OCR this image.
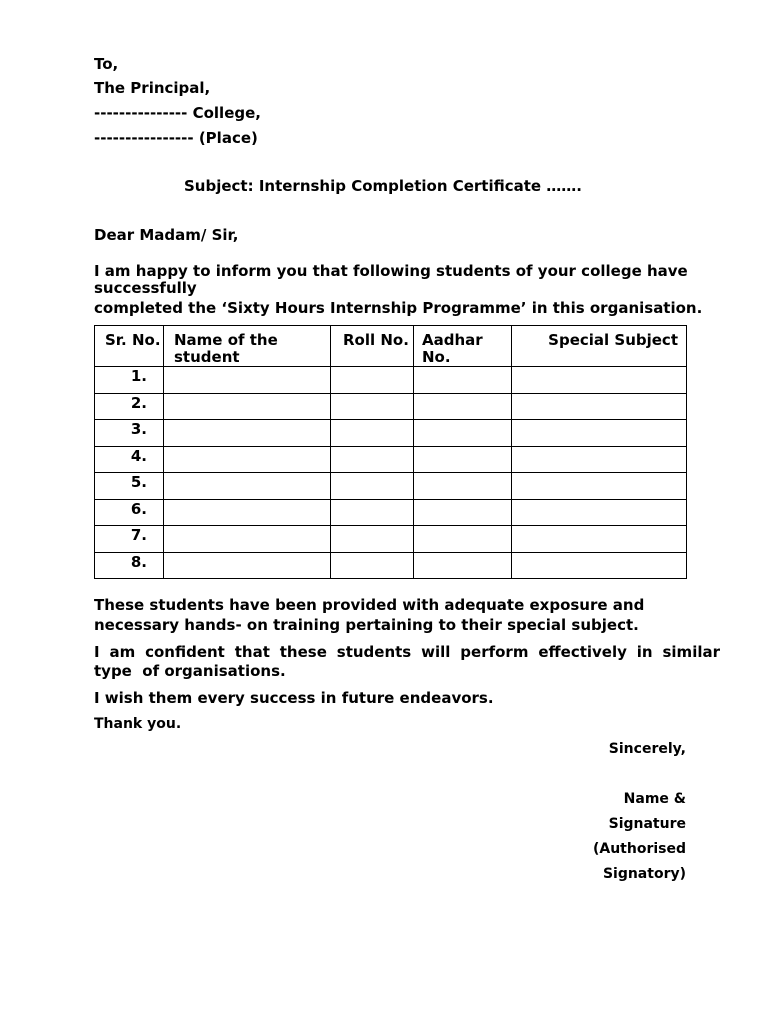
To,
The Principal,
--------------- College,
---------------- (Place)
Subject: Internship Completion Certificate …….
Dear Madam/ Sir,
I am happy to inform you that following students of your college have
successfully
completed the ‘Sixty Hours Internship Programme’ in this organisation.
Sr. No.	Name of the student	Roll No.	Aadhar No.	Special Subject
1.				
2.				
3.				
4.				
5.				
6.				
7.				
8.				
These students have been provided with adequate exposure and
necessary hands- on training pertaining to their special subject.
I am confident that these students will perform effectively in similar
type  of organisations.
I wish them every success in future endeavors.
Thank you.
Sincerely,
Name &
Signature
(Authorised
Signatory)
